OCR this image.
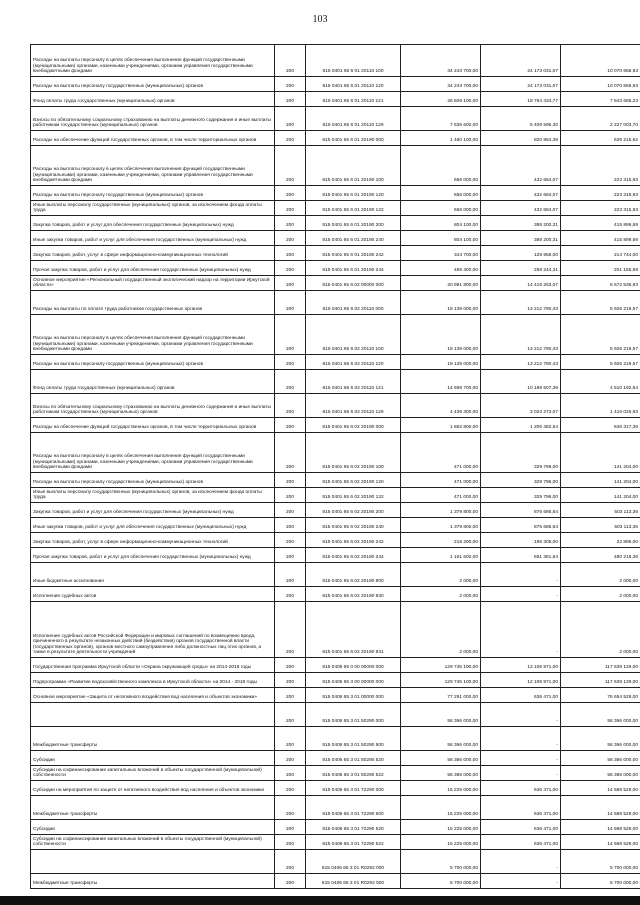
103
Расходы на выплаты персоналу в целях обеспечения выполнения функций государственными (муниципальными) органами, казенными учреждениями, органами управления государственными внебюджетными фондами	200	815 0401 65 6 01 20110 100	34 243 700,00	24 173 031,07	10 070 668,93
Расходы на выплаты персоналу государственных (муниципальных) органов	200	815 0401 65 6 01 20110 120	34 243 700,00	24 173 031,07	10 070 668,93
Фонд оплаты труда государственных (муниципальных) органов	200	815 0401 65 6 01 20110 121	26 608 100,00	18 764 434,77	7 843 665,23
Взносы по обязательному социальному страхованию на выплаты денежного содержания и иные выплаты работникам государственных (муниципальных) органов	200	815 0401 65 6 01 20110 129	7 635 600,00	5 408 596,30	2 227 003,70
Расходы на обеспечение функций государственных органов, в том числе территориальных органов	200	815 0401 65 6 01 20190 000	1 460 100,00	820 884,38	639 215,62
Расходы на выплаты персоналу в целях обеспечения выполнения функций государственными (муниципальными) органами, казенными учреждениями, органами управления государственными внебюджетными фондами	200	815 0401 65 6 01 20190 100	656 000,00	432 684,07	223 315,93
Расходы на выплаты персоналу государственных (муниципальных) органов	200	815 0401 65 6 01 20190 120	656 000,00	432 684,07	223 315,93
Иные выплаты персоналу государственных (муниципальных) органов, за исключением фонда оплаты труда	200	815 0401 65 6 01 20190 122	656 000,00	432 684,07	223 315,93
Закупка товаров, работ и услуг для обеспечения государственных (муниципальных) нужд	200	815 0401 65 6 01 20190 200	804 100,00	388 200,31	415 899,69
Иные закупки товаров, работ и услуг для обеспечения государственных (муниципальных) нужд	200	815 0401 65 6 01 20190 240	804 100,00	388 200,31	415 899,69
Закупка товаров, работ, услуг в сфере информационно-коммуникационных технологий	200	815 0401 65 6 01 20190 242	344 700,00	129 956,00	214 744,00
Прочая закупка товаров, работ и услуг для обеспечения государственных (муниципальных) нужд	200	815 0401 65 6 01 20190 244	459 400,00	258 244,31	201 155,69
Основное мероприятие «Региональный государственный экологический надзор на территории Иркутской области»	200	815 0401 65 6 02 00000 000	20 991 800,00	14 419 263,07	6 572 536,93
Расходы на выплаты по оплате труда работников государственных органов	200	815 0401 65 6 02 20110 000	19 139 000,00	13 212 780,43	5 926 219,57
Расходы на выплаты персоналу в целях обеспечения выполнения функций государственными (муниципальными) органами, казенными учреждениями, органами управления государственными внебюджетными фондами	200	815 0401 65 6 02 20110 100	19 139 000,00	13 212 780,43	5 926 219,57
Расходы на выплаты персоналу государственных (муниципальных) органов	200	815 0401 65 6 02 20110 120	19 139 000,00	13 212 780,43	5 926 219,57
Фонд оплаты труда государственных (муниципальных) органов	200	815 0401 65 6 02 20110 121	14 699 700,00	10 189 507,36	4 510 192,64
Взносы по обязательному социальному страхованию на выплаты денежного содержания и иные выплаты работникам государственных (муниципальных) органов	200	815 0401 65 6 02 20110 129	4 439 300,00	3 023 273,07	1 416 026,93
Расходы на обеспечение функций государственных органов, в том числе территориальных органов	200	815 0401 65 6 02 20190 000	1 852 800,00	1 206 482,64	646 317,36
Расходы на выплаты персоналу в целях обеспечения выполнения функций государственными (муниципальными) органами, казенными учреждениями, органами управления государственными внебюджетными фондами	200	815 0401 65 6 02 20190 100	471 000,00	329 796,00	141 204,00
Расходы на выплаты персоналу государственных (муниципальных) органов	200	815 0401 65 6 02 20190 120	471 000,00	329 796,00	141 204,00
Иные выплаты персоналу государственных (муниципальных) органов, за исключением фонда оплаты труда	200	815 0401 65 6 02 20190 122	471 000,00	329 796,00	141 204,00
Закупка товаров, работ и услуг для обеспечения государственных (муниципальных) нужд	200	815 0401 65 6 02 20190 200	1 379 800,00	876 686,64	503 113,36
Иные закупки товаров, работ и услуг для обеспечения государственных (муниципальных) нужд	200	815 0401 65 6 02 20190 240	1 379 800,00	876 686,64	503 113,36
Закупка товаров, работ, услуг в сфере информационно-коммуникационных технологий	200	815 0401 65 6 02 20190 242	218 200,00	195 305,00	22 895,00
Прочая закупка товаров, работ и услуг для обеспечения государственных (муниципальных) нужд	200	815 0401 65 6 02 20190 244	1 161 600,00	681 381,64	480 218,36
Иные бюджетные ассигнования	200	815 0401 65 6 02 20190 800	2 000,00	-	2 000,00
Исполнение судебных актов	200	815 0401 65 6 02 20190 830	2 000,00	-	2 000,00
Исполнение судебных актов Российской Федерации и мировых соглашений по возмещению вреда, причиненного в результате незаконных действий (бездействия) органов государственной власти (государственных органов), органов местного самоуправления либо должностных лиц этих органов, а также в результате деятельности учреждений	200	815 0401 65 6 02 20190 831	2 000,00	-	2 000,00
Государственная программа Иркутской области «Охрана окружающей среды» на 2014-2018 годы	200	815 0406 65 0 00 00000 000	129 745 100,00	12 106 971,00	117 639 129,00
Подпрограмма «Развитие водохозяйственного комплекса в Иркутской области» на 2014 - 2018 годы	200	815 0406 65 3 00 00000 000	129 745 100,00	12 106 971,00	117 639 129,00
Основное мероприятие «Защита от негативного воздействия вод населения и объектов экономики»	200	815 0406 65 3 01 00000 000	77 291 000,00	636 471,00	76 654 529,00
	200	815 0406 65 3 01 50290 000	56 366 000,00	-	56 366 000,00
Межбюджетные трансферты	200	815 0406 65 3 01 50290 500	56 366 000,00	-	56 366 000,00
Субсидии	200	815 0406 65 3 01 50290 520	56 366 000,00	-	56 366 000,00
Субсидии на софинансирование капитальных вложений в объекты государственной (муниципальной) собственности	200	815 0406 65 3 01 50290 522	56 366 000,00	-	56 366 000,00
Субсидии на мероприятия по защите от негативного воздействия вод населения и объектов экономики	200	815 0406 65 3 01 72290 000	15 225 000,00	636 471,00	14 588 529,00
Межбюджетные трансферты	200	815 0406 65 3 01 72290 500	15 225 000,00	636 471,00	14 588 529,00
Субсидии	200	815 0406 65 3 01 72290 520	15 225 000,00	636 471,00	14 588 529,00
Субсидии на софинансирование капитальных вложений в объекты государственной (муниципальной) собственности	200	815 0406 65 3 01 72290 522	15 225 000,00	636 471,00	14 588 529,00
	200	815 0406 65 3 01 R0292 000	5 700 000,00	-	5 700 000,00
Межбюджетные трансферты	200	815 0406 65 3 01 R0292 500	5 700 000,00	-	5 700 000,00
